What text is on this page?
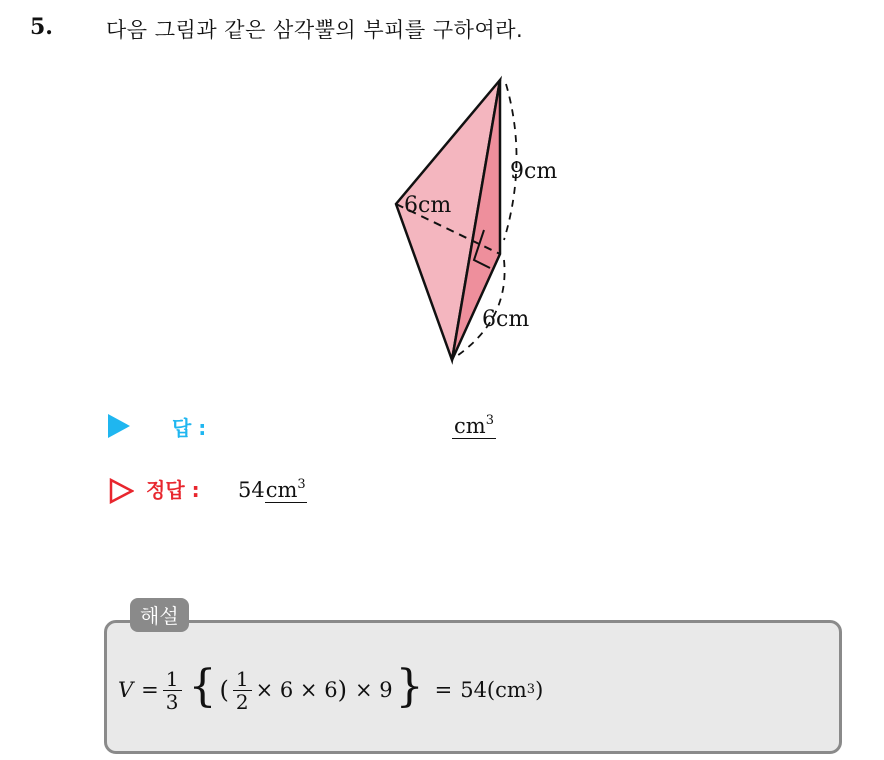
5.	다음 그림과 같은 삼각뿔의 부피를 구하여라.
9cm
6cm
6cm
답 :	$cm^3$
정답 : $54cm^3$
해설
$V = \frac{1}{3}$ { ( $\frac{1}{2} \times 6 \times 6$ ) × 9 } = 54(cm 3 )
